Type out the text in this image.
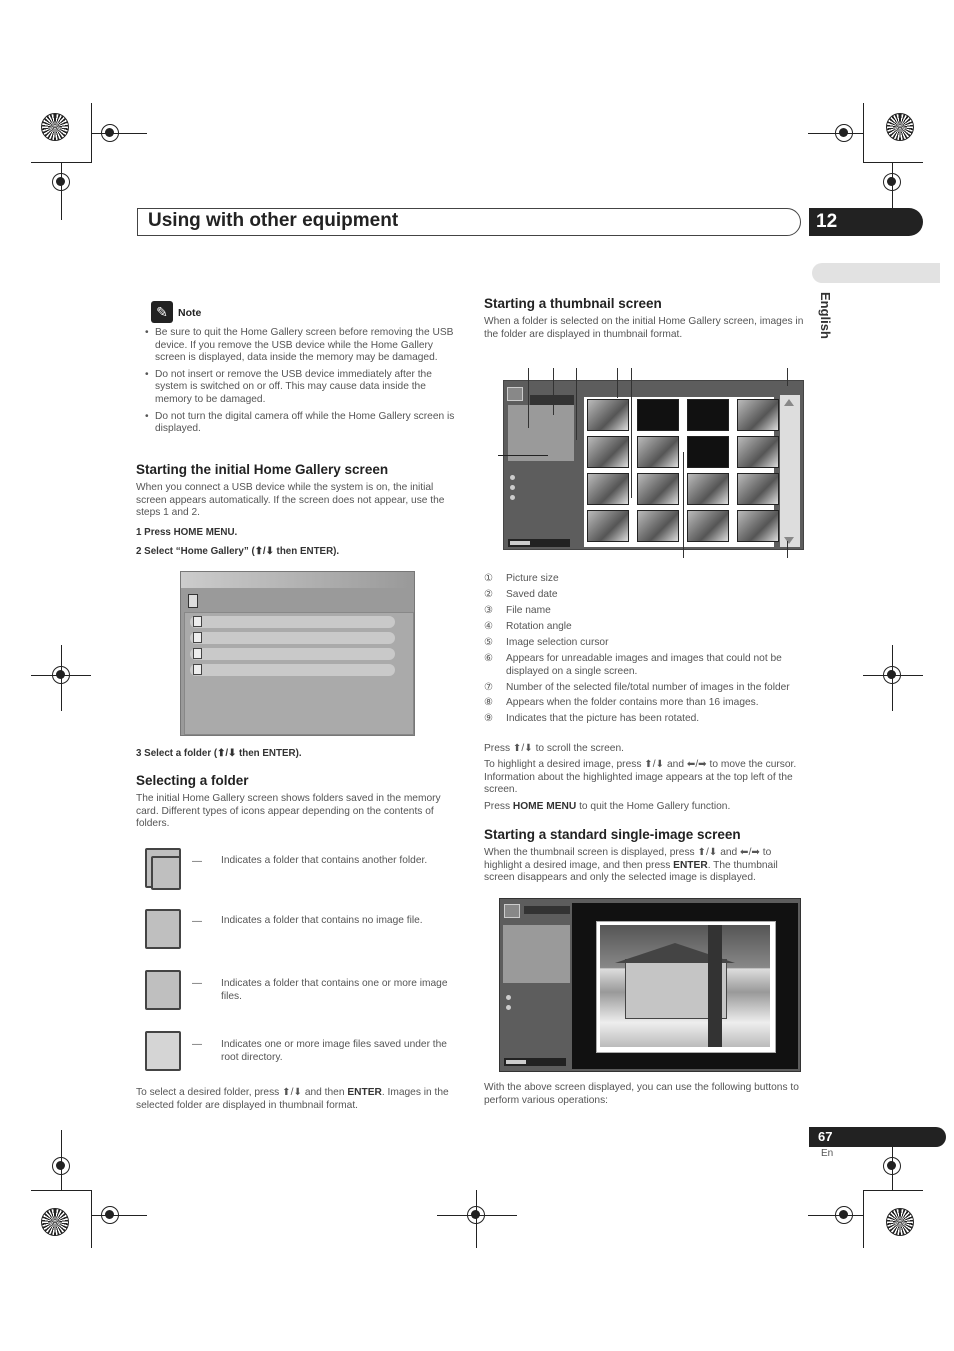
Using with other equipment	12
English
✎ Note
• Be sure to quit the Home Gallery screen before removing the USB device. If you remove the USB device while the Home Gallery screen is displayed, data inside the memory may be damaged.
• Do not insert or remove the USB device immediately after the system is switched on or off. This may cause data inside the memory to be damaged.
• Do not turn the digital camera off while the Home Gallery screen is displayed.
Starting the initial Home Gallery screen
When you connect a USB device while the system is on, the initial screen appears automatically. If the screen does not appear, use the steps 1 and 2.
1 Press HOME MENU.
2 Select “Home Gallery” (⬆/⬇ then ENTER).
3 Select a folder (⬆/⬇ then ENTER).
Selecting a folder
The initial Home Gallery screen shows folders saved in the memory card. Different types of icons appear depending on the contents of folders.
— Indicates a folder that contains another folder.
— Indicates a folder that contains no image file.
— Indicates a folder that contains one or more image files.
— Indicates one or more image files saved under the root directory.
To select a desired folder, press ⬆/⬇ and then ENTER. Images in the selected folder are displayed in thumbnail format.
Starting a thumbnail screen
When a folder is selected on the initial Home Gallery screen, images in the folder are displayed in thumbnail format.
①	Picture size
②	Saved date
③	File name
④	Rotation angle
⑤	Image selection cursor
⑥	Appears for unreadable images and images that could not be displayed on a single screen.
⑦	Number of the selected file/total number of images in the folder
⑧	Appears when the folder contains more than 16 images.
⑨	Indicates that the picture has been rotated.
Press ⬆/⬇ to scroll the screen.
To highlight a desired image, press ⬆/⬇ and ⬅/➡ to move the cursor. Information about the highlighted image appears at the top left of the screen.
Press HOME MENU to quit the Home Gallery function.
Starting a standard single-image screen
When the thumbnail screen is displayed, press ⬆/⬇ and ⬅/➡ to highlight a desired image, and then press ENTER. The thumbnail screen disappears and only the selected image is displayed.
With the above screen displayed, you can use the following buttons to perform various operations:
67
En
